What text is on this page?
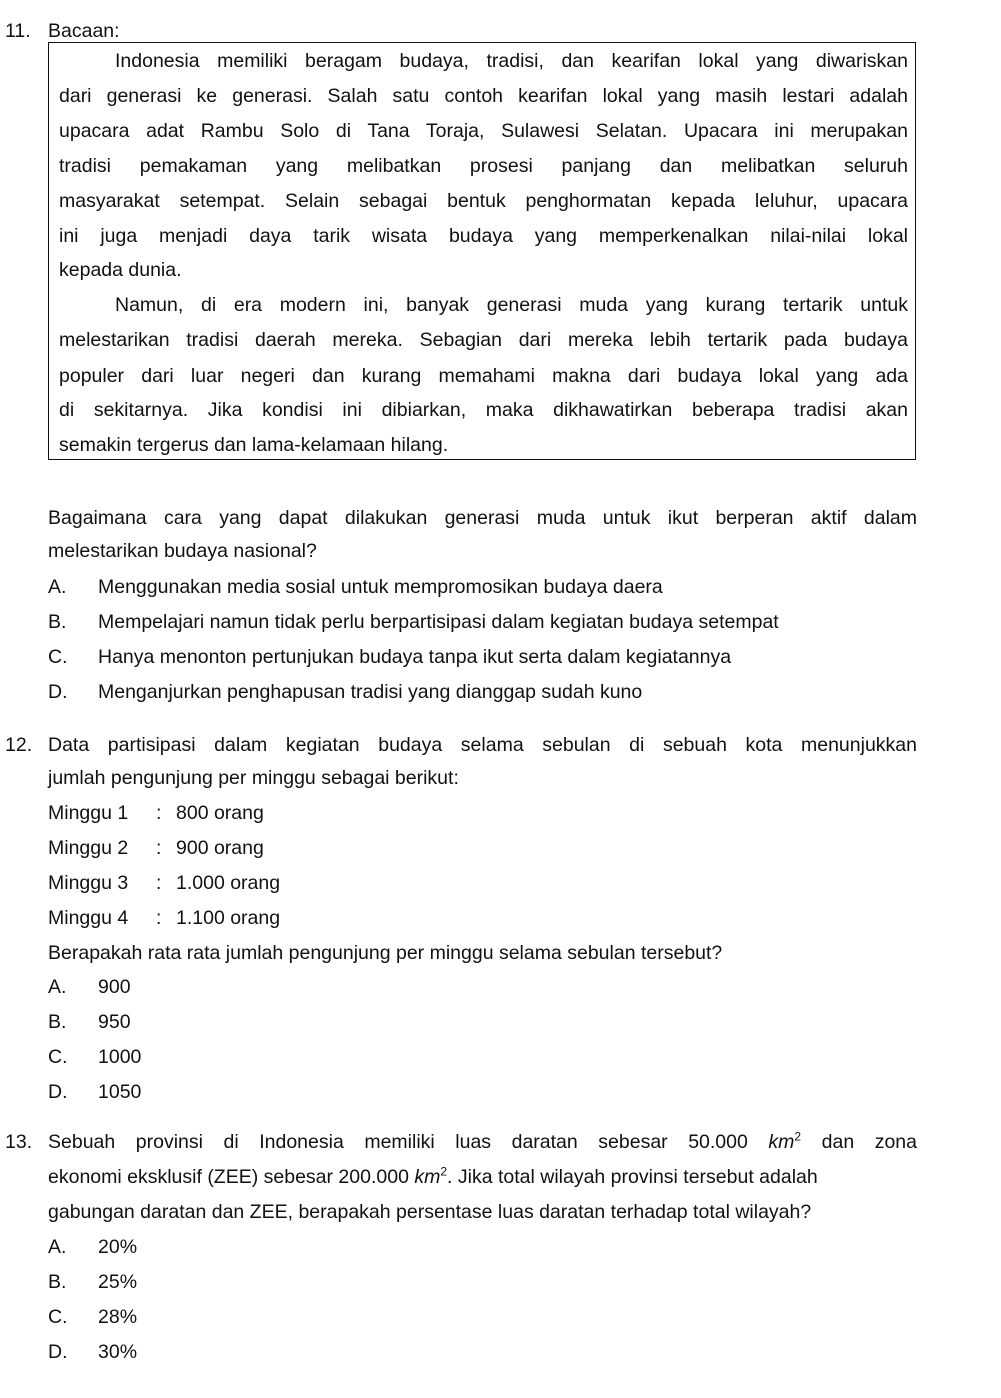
11. Bacaan:
12.
Berapakah rata rata jumlah pengunjung per minggu selama sebulan tersebut?
13. Sebuah provinsi di Indonesia memiliki luas daratan sebesar 50.000 $km^2$ dan zona
ekonomi eksklusif (ZEE) sebesar 200.000 $km^2$. Jika total wilayah provinsi tersebut adalah
gabungan daratan dan ZEE, berapakah persentase luas daratan terhadap total wilayah?
Indonesia memiliki beragam budaya, tradisi, dan kearifan lokal yang diwariskan
dari generasi ke generasi. Salah satu contoh kearifan lokal yang masih lestari adalah
upacara adat Rambu Solo di Tana Toraja, Sulawesi Selatan. Upacara ini merupakan
tradisi pemakaman yang melibatkan prosesi panjang dan melibatkan seluruh
masyarakat setempat. Selain sebagai bentuk penghormatan kepada leluhur, upacara
ini juga menjadi daya tarik wisata budaya yang memperkenalkan nilai-nilai lokal
kepada dunia.
Namun, di era modern ini, banyak generasi muda yang kurang tertarik untuk
melestarikan tradisi daerah mereka. Sebagian dari mereka lebih tertarik pada budaya
populer dari luar negeri dan kurang memahami makna dari budaya lokal yang ada
di sekitarnya. Jika kondisi ini dibiarkan, maka dikhawatirkan beberapa tradisi akan
semakin tergerus dan lama-kelamaan hilang.
Bagaimana cara yang dapat dilakukan generasi muda untuk ikut berperan aktif dalam
melestarikan budaya nasional?
A. Menggunakan media sosial untuk mempromosikan budaya daera
B. Mempelajari namun tidak perlu berpartisipasi dalam kegiatan budaya setempat
C. Hanya menonton pertunjukan budaya tanpa ikut serta dalam kegiatannya
D. Menganjurkan penghapusan tradisi yang dianggap sudah kuno
Data partisipasi dalam kegiatan budaya selama sebulan di sebuah kota menunjukkan
jumlah pengunjung per minggu sebagai berikut:
Minggu 1 : 800 orang
Minggu 2 : 900 orang
Minggu 3 : 1.000 orang
Minggu 4 : 1.100 orang
A. 900
B. 950
C. 1000
D. 1050
A. 20%
B. 25%
C. 28%
D. 30%
